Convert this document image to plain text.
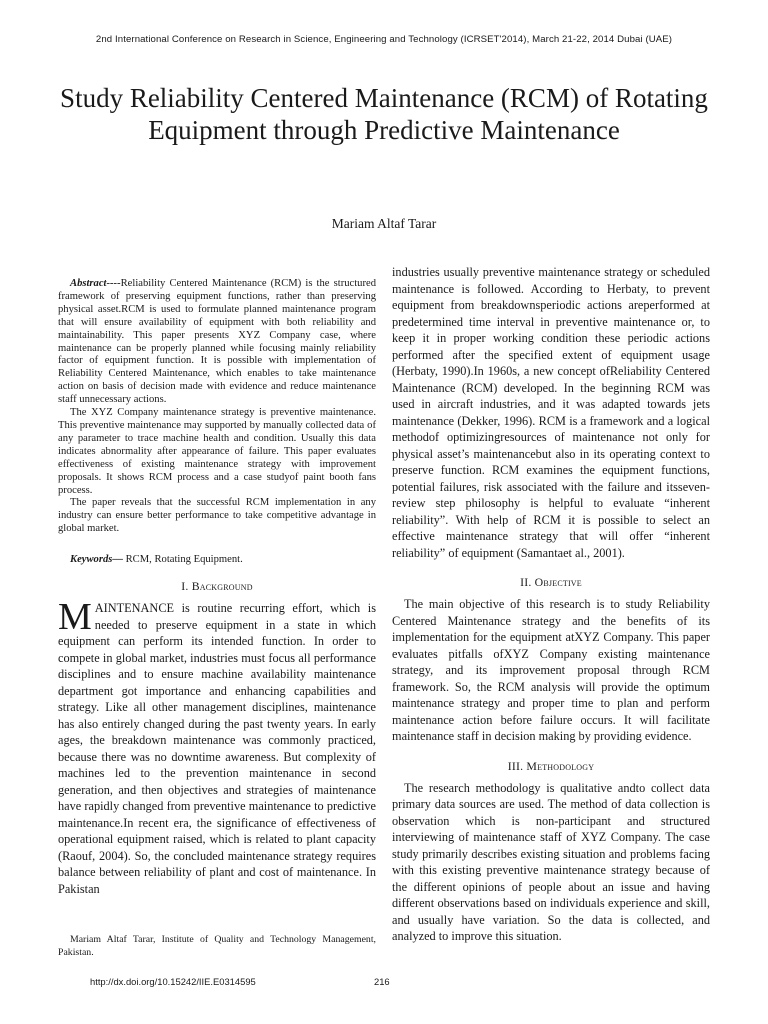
2nd International Conference on Research in Science, Engineering and Technology (ICRSET'2014), March 21-22, 2014 Dubai (UAE)
Study Reliability Centered Maintenance (RCM) of Rotating Equipment through Predictive Maintenance
Mariam Altaf Tarar

Abstract----Reliability Centered Maintenance (RCM) is the structured framework of preserving equipment functions, rather than preserving physical asset.RCM is used to formulate planned maintenance program that will ensure availability of equipment with both reliability and maintainability. This paper presents XYZ Company case, where maintenance can be properly planned while focusing mainly reliability factor of equipment function. It is possible with implementation of Reliability Centered Maintenance, which enables to take maintenance action on basis of decision made with evidence and reduce maintenance staff unnecessary actions.

The XYZ Company maintenance strategy is preventive maintenance. This preventive maintenance may supported by manually collected data of any parameter to trace machine health and condition. Usually this data indicates abnormality after appearance of failure. This paper evaluates effectiveness of existing maintenance strategy with improvement proposals. It shows RCM process and a case studyof paint booth fans process.

The paper reveals that the successful RCM implementation in any industry can ensure better performance to take competitive advantage in global market.

Keywords— RCM, Rotating Equipment.
I. Background

MAINTENANCE is routine recurring effort, which is needed to preserve equipment in a state in which equipment can perform its intended function. In order to compete in global market, industries must focus all performance disciplines and to ensure machine availability maintenance department got importance and enhancing capabilities and strategy. Like all other management disciplines, maintenance has also entirely changed during the past twenty years. In early ages, the breakdown maintenance was commonly practiced, because there was no downtime awareness. But complexity of machines led to the prevention maintenance in second generation, and then objectives and strategies of maintenance have rapidly changed from preventive maintenance to predictive maintenance.In recent era, the significance of effectiveness of operational equipment raised, which is related to plant capacity (Raouf, 2004). So, the concluded maintenance strategy requires balance between reliability of plant and cost of maintenance. In Pakistan

industries usually preventive maintenance strategy or scheduled maintenance is followed. According to Herbaty, to prevent equipment from breakdownsperiodic actions areperformed at predetermined time interval in preventive maintenance or, to keep it in proper working condition these periodic actions performed after the specified extent of equipment usage (Herbaty, 1990).In 1960s, a new concept ofReliability Centered Maintenance (RCM) developed. In the beginning RCM was used in aircraft industries, and it was adapted towards jets maintenance (Dekker, 1996). RCM is a framework and a logical methodof optimizingresources of maintenance not only for physical asset’s maintenancebut also in its operating context to preserve function. RCM examines the equipment functions, potential failures, risk associated with the failure and itsseven-review step philosophy is helpful to evaluate “inherent reliability”. With help of RCM it is possible to select an effective maintenance strategy that will offer “inherent reliability” of equipment (Samantaet al., 2001).

II. Objective

The main objective of this research is to study Reliability Centered Maintenance strategy and the benefits of its implementation for the equipment atXYZ Company. This paper evaluates pitfalls ofXYZ Company existing maintenance strategy, and its improvement proposal through RCM framework. So, the RCM analysis will provide the optimum maintenance strategy and proper time to plan and perform maintenance action before failure occurs. It will facilitate maintenance staff in decision making by providing evidence.

III. Methodology

The research methodology is qualitative andto collect data primary data sources are used. The method of data collection is observation which is non-participant and structured interviewing of maintenance staff of XYZ Company. The case study primarily describes existing situation and problems facing with this existing preventive maintenance strategy because of the different opinions of people about an issue and having different observations based on individuals experience and skill, and usually have variation. So the data is collected, and analyzed to improve this situation.

Mariam Altaf Tarar, Institute of Quality and Technology Management, Pakistan.
http://dx.doi.org/10.15242/IIE.E0314595	216
